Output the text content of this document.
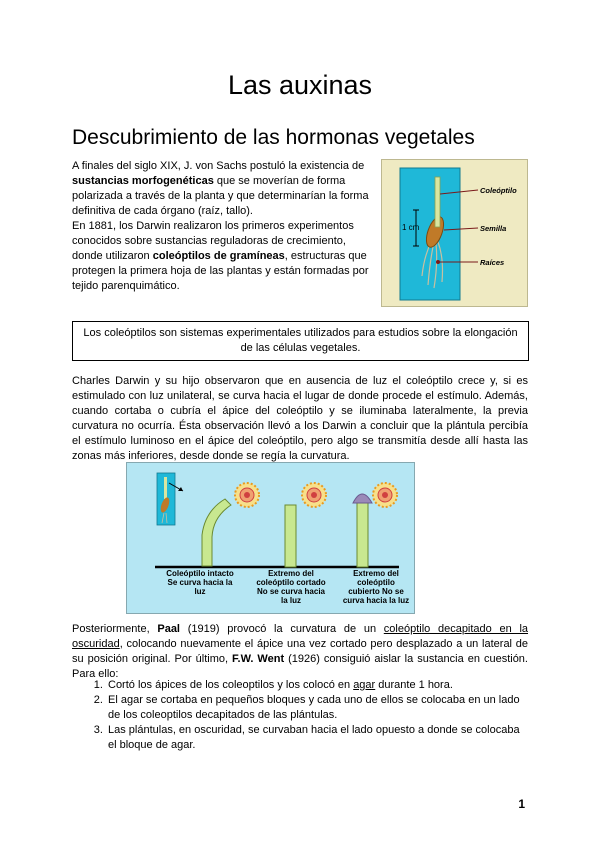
Las auxinas
Descubrimiento de las hormonas vegetales
A finales del siglo XIX, J. von Sachs postuló la existencia de sustancias morfogenéticas que se moverían de forma polarizada a través de la planta y que determinarían la forma definitiva de cada órgano (raíz, tallo).
En 1881, los Darwin realizaron los primeros experimentos conocidos sobre sustancias reguladoras de crecimiento, donde utilizaron coleóptilos de gramíneas, estructuras que protegen la primera hoja de las plantas y están formadas por tejido parenquimático.
1 cm
Coleóptilo
Semilla
Raíces
Los coleóptilos son sistemas experimentales utilizados para estudios sobre la elongación de las células vegetales.
Charles Darwin y su hijo observaron que en ausencia de luz el coleóptilo crece y, si es estimulado con luz unilateral, se curva hacia el lugar de donde procede el estímulo. Además, cuando cortaba o cubría el ápice del coleóptilo y se iluminaba lateralmente, la previa curvatura no ocurría. Ésta observación llevó a los Darwin a concluir que la plántula percibía el estímulo luminoso en el ápice del coleóptilo, pero algo se transmitía desde allí hasta las zonas más inferiores, desde donde se regía la curvatura.
Coleóptilo intacto Se curva hacia la luz
Extremo del coleóptilo cortado No se curva hacia la luz
Extremo del coleóptilo cubierto No se curva hacia la luz
Posteriormente, Paal (1919) provocó la curvatura de un coleóptilo decapitado en la oscuridad, colocando nuevamente el ápice una vez cortado pero desplazado a un lateral de su posición original. Por último, F.W. Went (1926) consiguió aislar la sustancia en cuestión. Para ello:
1. Cortó los ápices de los coleoptilos y los colocó en agar durante 1 hora.
2. El agar se cortaba en pequeños bloques y cada uno de ellos se colocaba en un lado de los coleoptilos decapitados de las plántulas.
3. Las plántulas, en oscuridad, se curvaban hacia el lado opuesto a donde se colocaba el bloque de agar.
1
